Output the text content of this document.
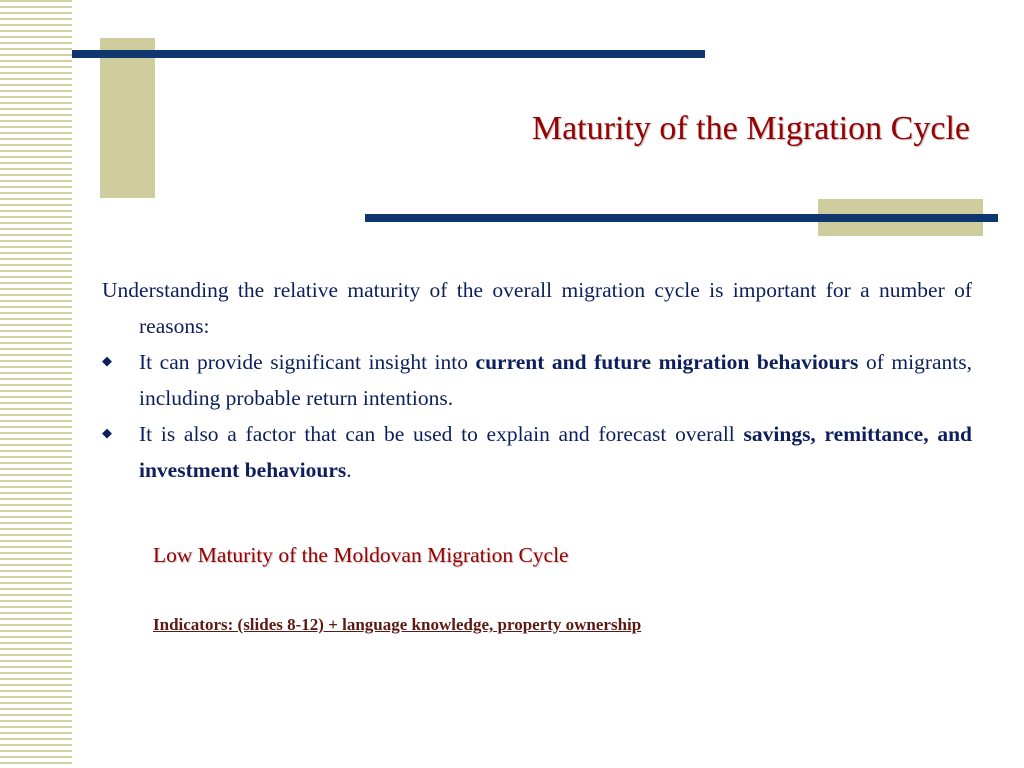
Maturity of the Migration Cycle

Understanding the relative maturity of the overall migration cycle is important for a number of reasons:

◆	It can provide significant insight into current and future migration behaviours of migrants, including probable return intentions.
◆	It is also a factor that can be used to explain and forecast overall savings, remittance, and investment behaviours.
Low Maturity of the Moldovan Migration Cycle

Indicators: (slides 8-12) + language knowledge, property ownership
